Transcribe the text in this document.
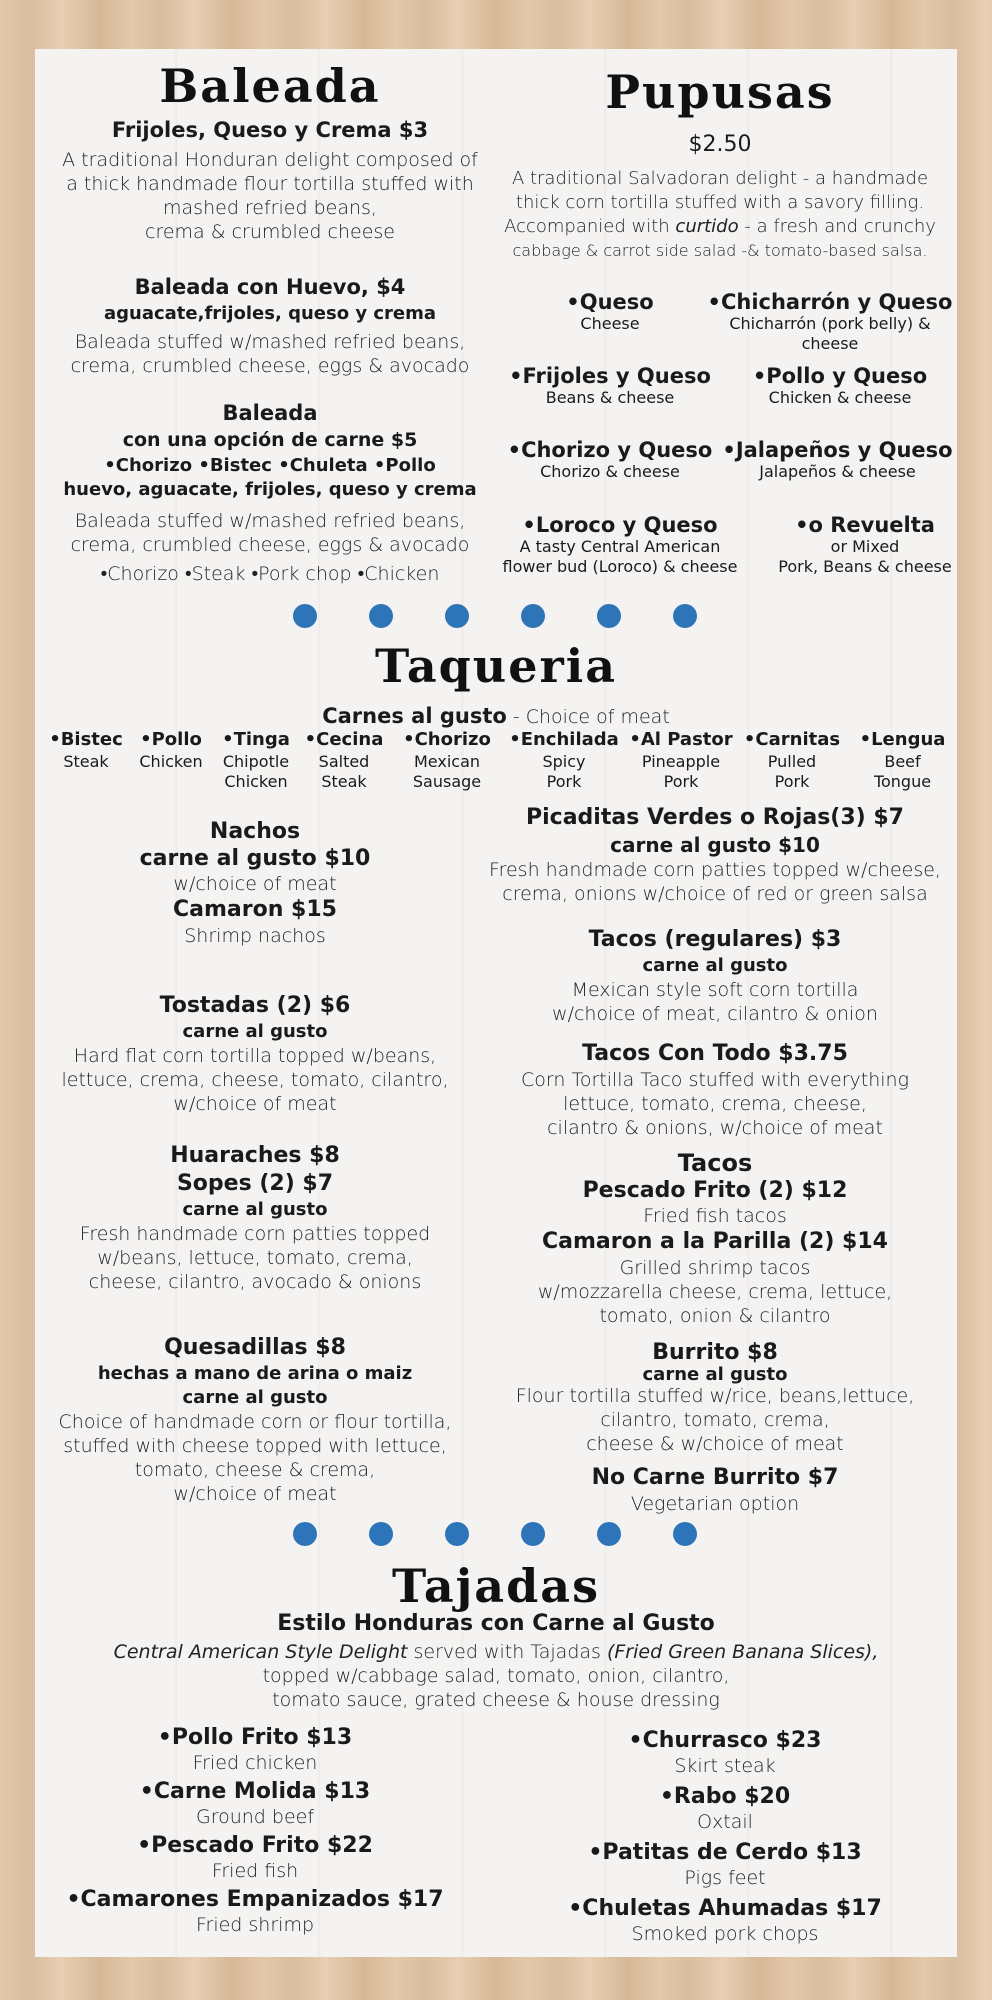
Baleada
Frijoles, Queso y Crema $3
A traditional Honduran delight composed of
a thick handmade flour tortilla stuffed with
mashed refried beans,
crema & crumbled cheese
Baleada con Huevo, $4
aguacate,frijoles, queso y crema
Baleada stuffed w/mashed refried beans,
crema, crumbled cheese, eggs & avocado
Baleada
con una opción de carne $5
•Chorizo •Bistec •Chuleta •Pollo
huevo, aguacate, frijoles, queso y crema
Baleada stuffed w/mashed refried beans,
crema, crumbled cheese, eggs & avocado
•Chorizo •Steak •Pork chop •Chicken
Pupusas
$2.50
A traditional Salvadoran delight - a handmade
thick corn tortilla stuffed with a savory filling.
Accompanied with curtido - a fresh and crunchy
cabbage & carrot side salad -& tomato-based salsa.
•Queso
Cheese
•Chicharrón y Queso
Chicharrón (pork belly) & cheese
•Frijoles y Queso
Beans & cheese
•Pollo y Queso
Chicken & cheese
•Chorizo y Queso
Chorizo & cheese
•Jalapeños y Queso
Jalapeños & cheese
•Loroco y Queso
A tasty Central American
flower bud (Loroco) & cheese
•o Revuelta
or Mixed
Pork, Beans & cheese
Taqueria
Carnes al gusto - Choice of meat
•Bistec
Steak
•Pollo
Chicken
•Tinga
Chipotle
Chicken
•Cecina
Salted
Steak
•Chorizo
Mexican
Sausage
•Enchilada
Spicy
Pork
•Al Pastor
Pineapple
Pork
•Carnitas
Pulled
Pork
•Lengua
Beef
Tongue
Nachos
carne al gusto $10
w/choice of meat
Camaron $15
Shrimp nachos
Tostadas (2) $6
carne al gusto
Hard flat corn tortilla topped w/beans,
lettuce, crema, cheese, tomato, cilantro,
w/choice of meat
Huaraches $8
Sopes (2) $7
carne al gusto
Fresh handmade corn patties topped
w/beans, lettuce, tomato, crema,
cheese, cilantro, avocado & onions
Quesadillas $8
hechas a mano de arina o maiz
carne al gusto
Choice of handmade corn or flour tortilla,
stuffed with cheese topped with lettuce,
tomato, cheese & crema,
w/choice of meat
Picaditas Verdes o Rojas(3) $7
carne al gusto $10
Fresh handmade corn patties topped w/cheese,
crema, onions w/choice of red or green salsa
Tacos (regulares) $3
carne al gusto
Mexican style soft corn tortilla
w/choice of meat, cilantro & onion
Tacos Con Todo $3.75
Corn Tortilla Taco stuffed with everything
lettuce, tomato, crema, cheese,
cilantro & onions, w/choice of meat
Tacos
Pescado Frito (2) $12
Fried fish tacos
Camaron a la Parilla (2) $14
Grilled shrimp tacos
w/mozzarella cheese, crema, lettuce,
tomato, onion & cilantro
Burrito $8
carne al gusto
Flour tortilla stuffed w/rice, beans,lettuce,
cilantro, tomato, crema,
cheese & w/choice of meat
No Carne Burrito $7
Vegetarian option
Tajadas
Estilo Honduras con Carne al Gusto
Central American Style Delight served with Tajadas (Fried Green Banana Slices),
topped w/cabbage salad, tomato, onion, cilantro,
tomato sauce, grated cheese & house dressing
•Pollo Frito $13
Fried chicken
•Carne Molida $13
Ground beef
•Pescado Frito $22
Fried fish
•Camarones Empanizados $17
Fried shrimp
•Churrasco $23
Skirt steak
•Rabo $20
Oxtail
•Patitas de Cerdo $13
Pigs feet
•Chuletas Ahumadas $17
Smoked pork chops
